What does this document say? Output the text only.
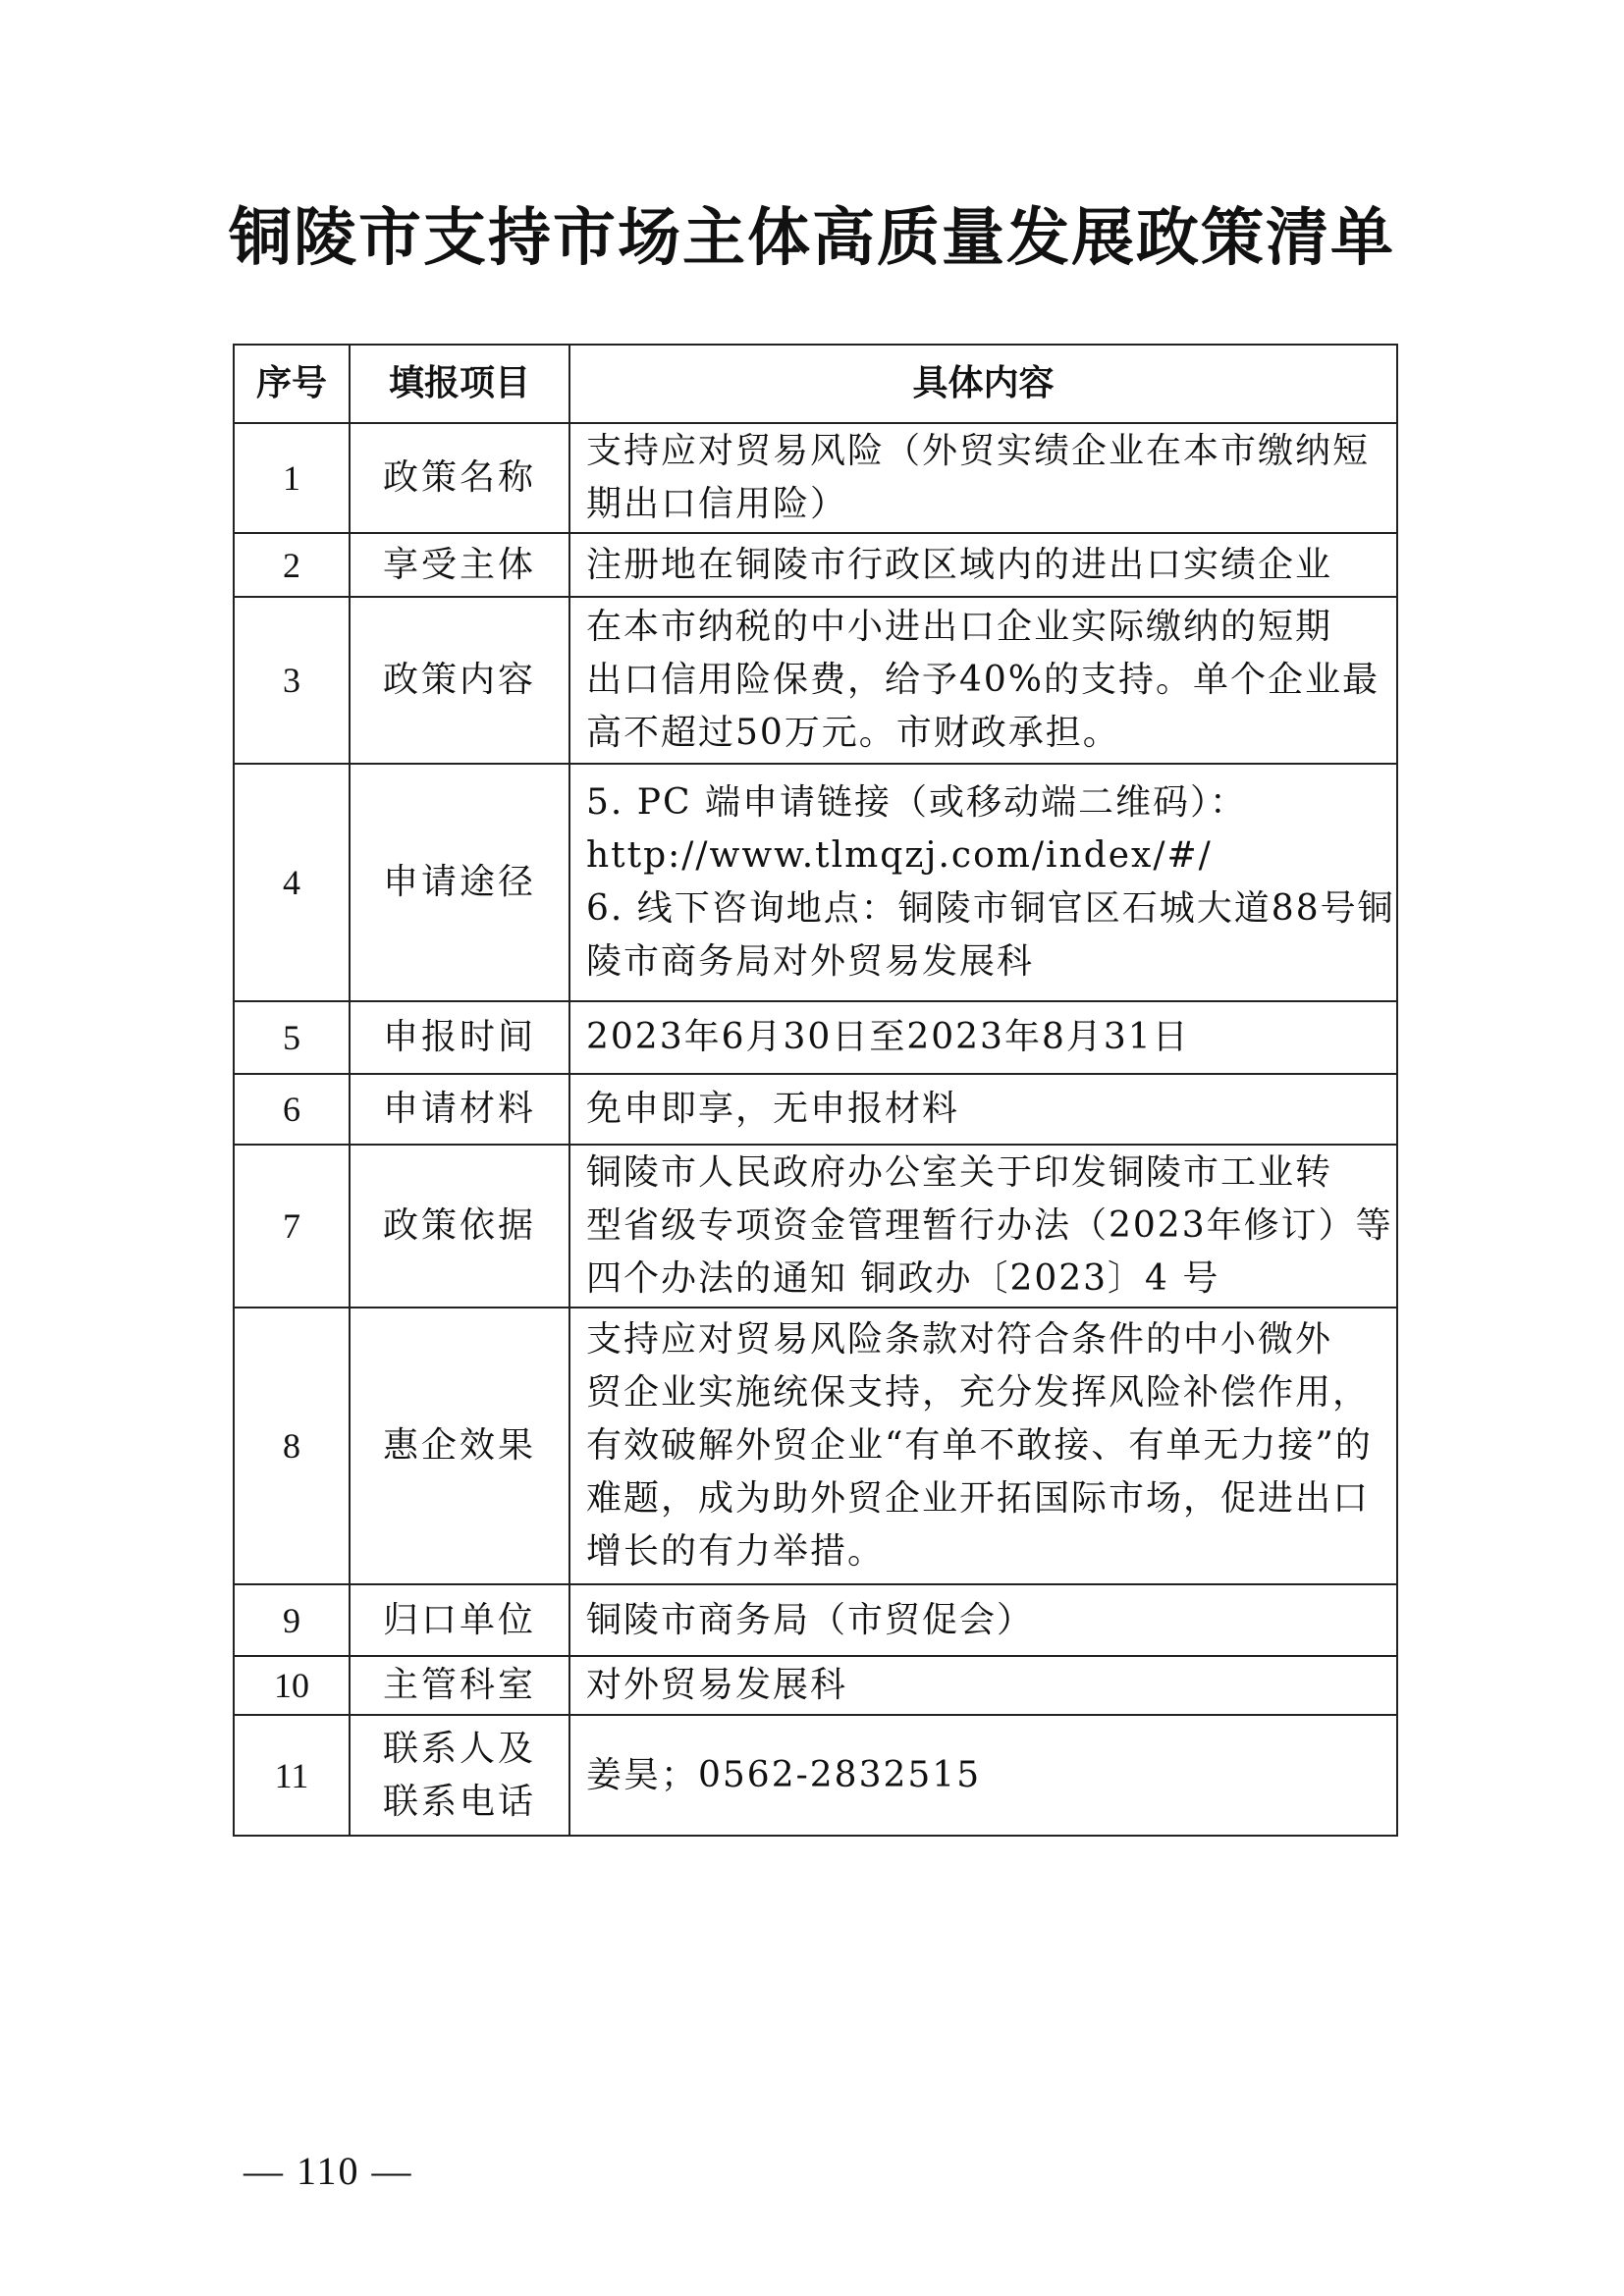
铜陵市支持市场主体高质量发展政策清单
序号	填报项目	具体内容
1	政策名称	支持应对贸易风险（外贸实绩企业在本市缴纳短
期出口信用险）

2	享受主体	注册地在铜陵市行政区域内的进出口实绩企业

3	政策内容	在本市纳税的中小进出口企业实际缴纳的短期
出口信用险保费，给予40%的支持。单个企业最
高不超过50万元。市财政承担。

4	申请途径	5. PC 端申请链接（或移动端二维码）：
http://www.tlmqzj.com/index/#/
6. 线下咨询地点：铜陵市铜官区石城大道88号铜
陵市商务局对外贸易发展科

5	申报时间	2023年6月30日至2023年8月31日

6	申请材料	免申即享，无申报材料

7	政策依据	铜陵市人民政府办公室关于印发铜陵市工业转
型省级专项资金管理暂行办法（2023年修订）等
四个办法的通知 铜政办〔2023〕4 号

8	惠企效果	支持应对贸易风险条款对符合条件的中小微外
贸企业实施统保支持，充分发挥风险补偿作用，
有效破解外贸企业“有单不敢接、有单无力接”的
难题，成为助外贸企业开拓国际市场，促进出口
增长的有力举措。

9	归口单位	铜陵市商务局（市贸促会）

10	主管科室	对外贸易发展科

11	联系人及
联系电话	姜昊；0562-2832515
— 110 —
